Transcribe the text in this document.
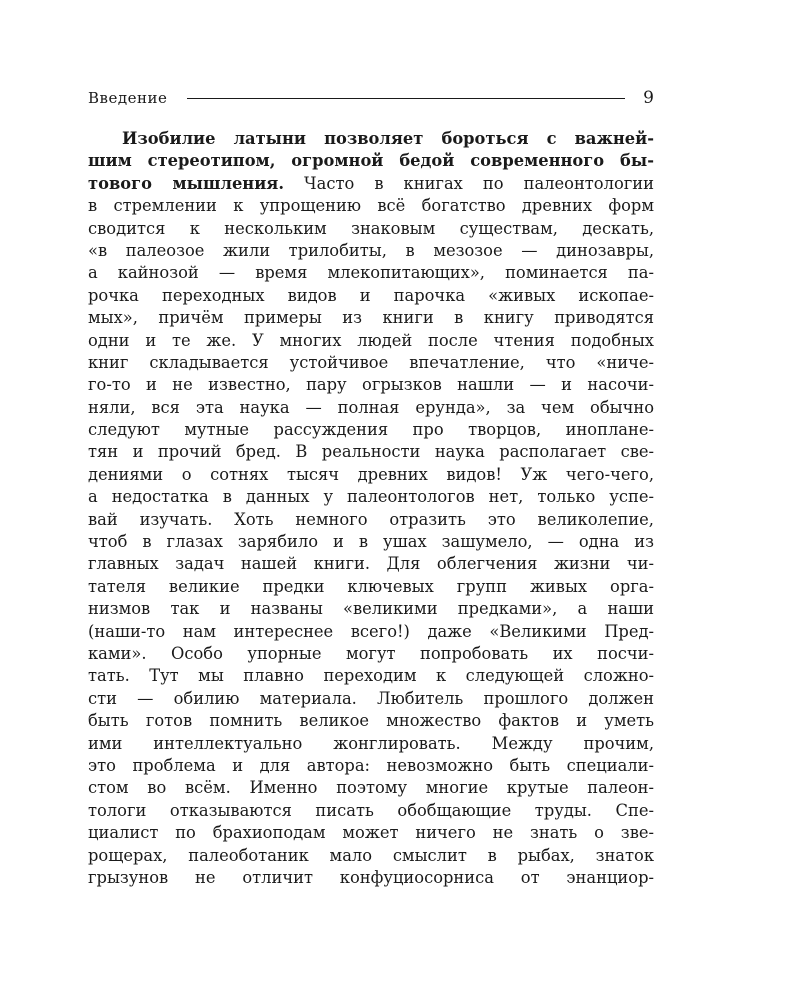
Введение	9
Изобилие латыни позволяет бороться с важней-
шим стереотипом, огромной бедой современного бы-
тового мышления. Часто в книгах по палеонтологии
в стремлении к упрощению всё богатство древних форм
сводится к нескольким знаковым существам, дескать,
«в палеозое жили трилобиты, в мезозое — динозавры,
а кайнозой — время млекопитающих», поминается па-
рочка переходных видов и парочка «живых ископае-
мых», причём примеры из книги в книгу приводятся
одни и те же. У многих людей после чтения подобных
книг складывается устойчивое впечатление, что «ниче-
го-то и не известно, пару огрызков нашли — и насочи-
няли, вся эта наука — полная ерунда», за чем обычно
следуют мутные рассуждения про творцов, инопланe-
тян и прочий бред. В реальности наука располагает све-
дениями о сотнях тысяч древних видов! Уж чего-чего,
а недостатка в данных у палеонтологов нет, только успе-
вай изучать. Хоть немного отразить это великолепие,
чтоб в глазах зарябило и в ушах зашумело, — одна из
главных задач нашей книги. Для облегчения жизни чи-
тателя великие предки ключевых групп живых орга-
низмов так и названы «великими предками», а наши
(наши-то нам интереснее всего!) даже «Великими Пред-
ками». Особо упорные могут попробовать их посчи-
тать. Тут мы плавно переходим к следующей сложно-
сти — обилию материала. Любитель прошлого должен
быть готов помнить великое множество фактов и уметь
ими интеллектуально жонглировать. Между прочим,
это проблема и для автора: невозможно быть специали-
стом во всём. Именно поэтому многие крутые палеон-
тологи отказываются писать обобщающие труды. Спе-
циалист по брахиоподам может ничего не знать о зве-
рощерах, палеоботаник мало смыслит в рыбах, знаток
грызунов не отличит конфуциосорниса от энанциор-
